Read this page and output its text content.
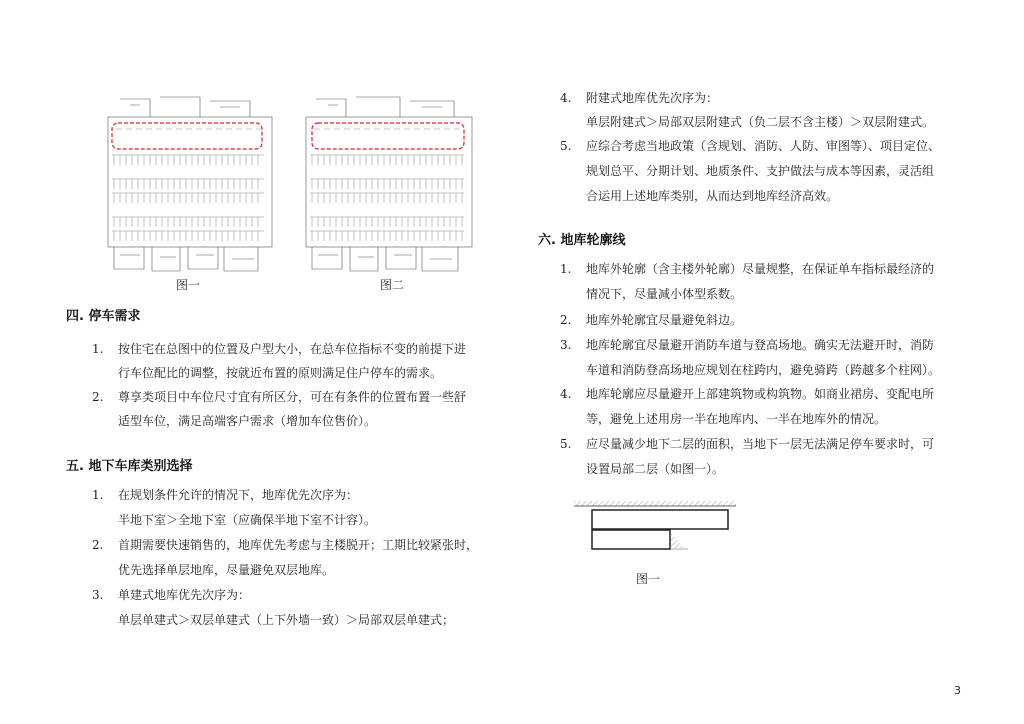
图一	图二
四. 停车需求
1.	按住宅在总图中的位置及户型大小，在总车位指标不变的前提下进
行车位配比的调整，按就近布置的原则满足住户停车的需求。
2.	尊享类项目中车位尺寸宜有所区分，可在有条件的位置布置一些舒
适型车位，满足高端客户需求（增加车位售价）。
五. 地下车库类别选择
1.	在规划条件允许的情况下，地库优先次序为：
半地下室＞全地下室（应确保半地下室不计容）。
2.	首期需要快速销售的，地库优先考虑与主楼脱开；工期比较紧张时，
优先选择单层地库，尽量避免双层地库。
3.	单建式地库优先次序为：
单层单建式＞双层单建式（上下外墙一致）＞局部双层单建式；
4.	附建式地库优先次序为：
单层附建式＞局部双层附建式（负二层不含主楼）＞双层附建式。
5.	应综合考虑当地政策（含规划、消防、人防、审图等）、项目定位、
规划总平、分期计划、地质条件、支护做法与成本等因素，灵活组
合运用上述地库类别，从而达到地库经济高效。
六. 地库轮廓线
1.	地库外轮廓（含主楼外轮廓）尽量规整，在保证单车指标最经济的
情况下，尽量减小体型系数。
2.	地库外轮廓宜尽量避免斜边。
3.	地库轮廓宜尽量避开消防车道与登高场地。确实无法避开时，消防
车道和消防登高场地应规划在柱跨内，避免骑跨（跨越多个柱网）。
4.	地库轮廓应尽量避开上部建筑物或构筑物。如商业裙房、变配电所
等，避免上述用房一半在地库内、一半在地库外的情况。
5.	应尽量减少地下二层的面积，当地下一层无法满足停车要求时，可
设置局部二层（如图一）。
图一
3
